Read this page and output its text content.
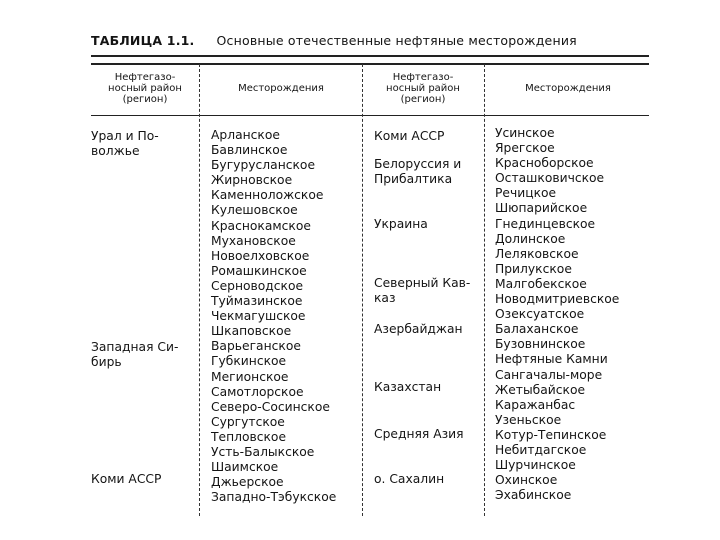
ТАБЛИЦА 1.1. Основные отечественные нефтяные месторождения
Нефтегазо-
носный район
(регион)
Месторождения
Нефтегазо-
носный район
(регион)
Месторождения
Урал и По-
волжье
Западная Си-
бирь
Коми АССР
Арланское
Бавлинское
Бугурусланское
Жирновское
Каменноложское
Кулешовское
Краснокамское
Мухановское
Новоелховское
Ромашкинское
Серноводское
Туймазинское
Чекмагушское
Шкаповское
Варьеганское
Губкинское
Мегионское
Самотлорское
Северо-Сосинское
Сургутское
Тепловское
Усть-Балыкское
Шаимское
Джьерское
Западно-Тэбукское
Коми АССР
Белоруссия и
Прибалтика
Украина
Северный Кав-
каз
Азербайджан
Казахстан
Средняя Азия
о. Сахалин
Усинское
Ярегское
Красноборское
Осташковичское
Речицкое
Шюпарийское
Гнединцевское
Долинское
Леляковское
Прилукское
Малгобекское
Новодмитриевское
Озексуатское
Балаханское
Бузовнинское
Нефтяные Камни
Сангачалы-море
Жетыбайское
Каражанбас
Узеньское
Котур-Тепинское
Небитдагское
Шурчинское
Охинское
Эхабинское
